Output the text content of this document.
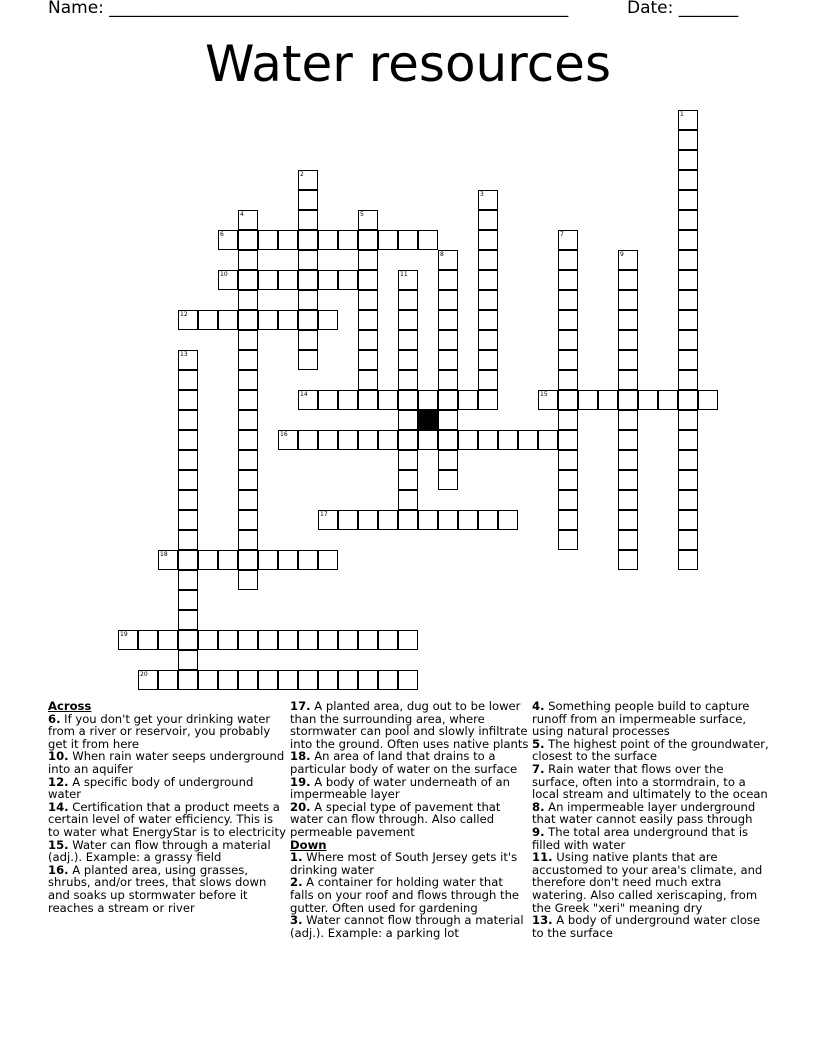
Name: ______________________________________________________	Date: _______
Water resources
1
2
3
4	5
6	7
8	9
10	11
12
13
14	15
16
17
18
19
20

Across

6. If you don't get your drinking water from a river or reservoir, you probably get it from here

10. When rain water seeps underground into an aquifer

12. A specific body of underground water

14. Certification that a product meets a certain level of water efficiency. This is to water what EnergyStar is to electricity

15. Water can flow through a material (adj.). Example: a grassy field

16. A planted area, using grasses, shrubs, and/or trees, that slows down and soaks up stormwater before it reaches a stream or river

17. A planted area, dug out to be lower than the surrounding area, where stormwater can pool and slowly infiltrate into the ground. Often uses native plants

18. An area of land that drains to a particular body of water on the surface

19. A body of water underneath of an impermeable layer

20. A special type of pavement that water can flow through. Also called permeable pavement

Down

1. Where most of South Jersey gets it's drinking water

2. A container for holding water that falls on your roof and flows through the gutter. Often used for gardening

3. Water cannot flow through a material (adj.). Example: a parking lot

4. Something people build to capture runoff from an impermeable surface, using natural processes

5. The highest point of the groundwater, closest to the surface

7. Rain water that flows over the surface, often into a stormdrain, to a local stream and ultimately to the ocean

8. An impermeable layer underground that water cannot easily pass through

9. The total area underground that is filled with water

11. Using native plants that are accustomed to your area's climate, and therefore don't need much extra watering. Also called xeriscaping, from the Greek "xeri" meaning dry

13. A body of underground water close to the surface
